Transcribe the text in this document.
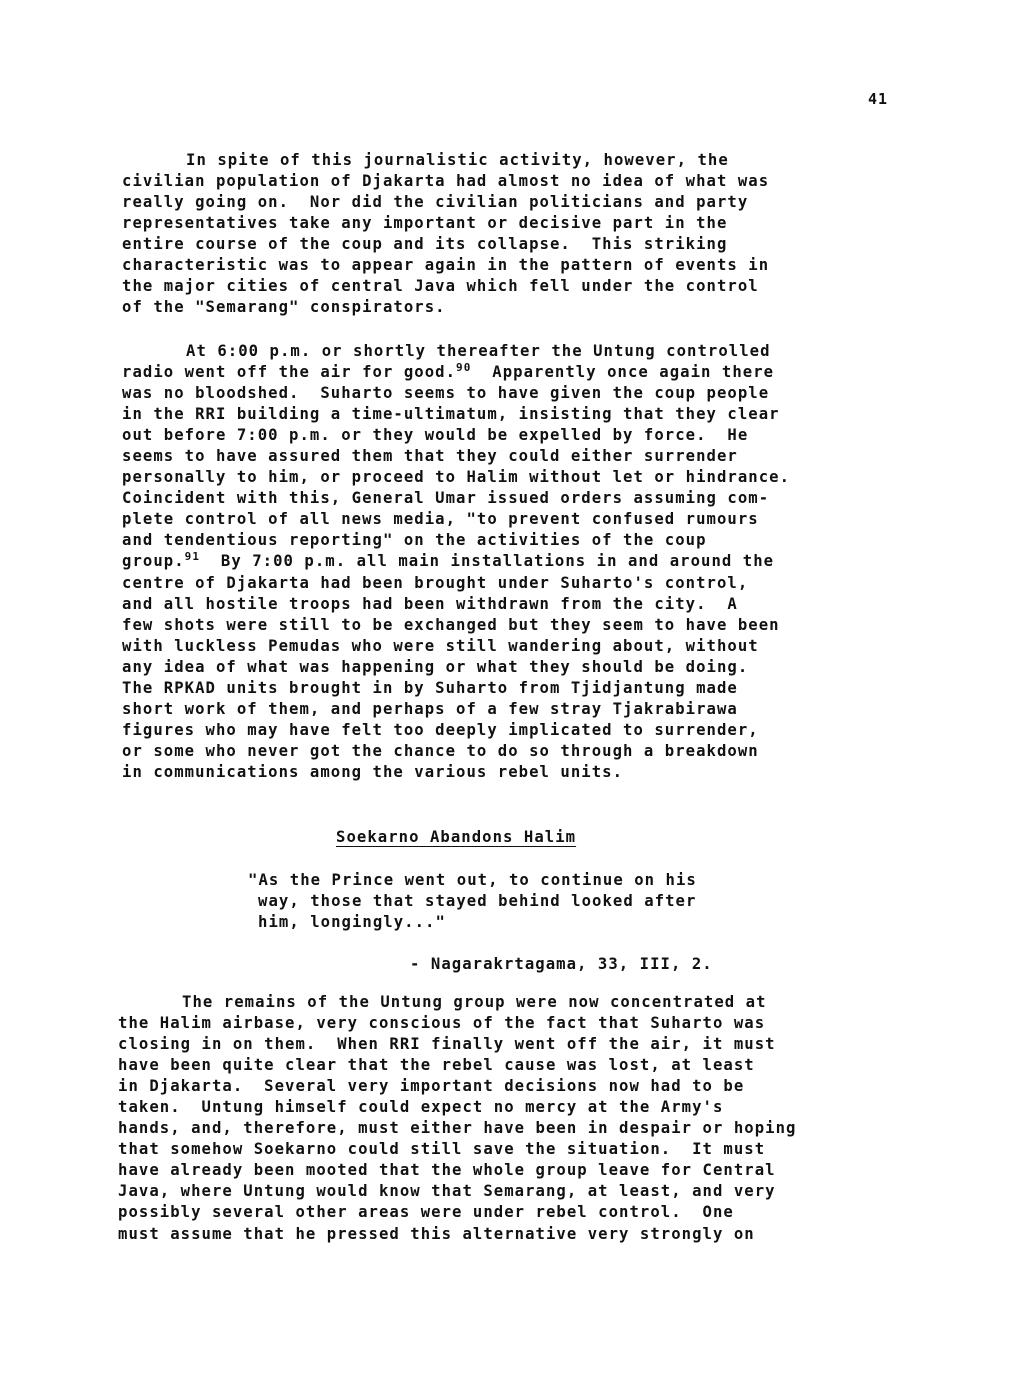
41
In spite of this journalistic activity, however, the
civilian population of Djakarta had almost no idea of what was
really going on.  Nor did the civilian politicians and party
representatives take any important or decisive part in the
entire course of the coup and its collapse.  This striking
characteristic was to appear again in the pattern of events in
the major cities of central Java which fell under the control
of the "Semarang" conspirators.
At 6:00 p.m. or shortly thereafter the Untung controlled
radio went off the air for good.$^{90}$  Apparently once again there
was no bloodshed.  Suharto seems to have given the coup people
in the RRI building a time-ultimatum, insisting that they clear
out before 7:00 p.m. or they would be expelled by force.  He
seems to have assured them that they could either surrender
personally to him, or proceed to Halim without let or hindrance.
Coincident with this, General Umar issued orders assuming com-
plete control of all news media, "to prevent confused rumours
and tendentious reporting" on the activities of the coup
group.$^{91}$  By 7:00 p.m. all main installations in and around the
centre of Djakarta had been brought under Suharto's control,
and all hostile troops had been withdrawn from the city.  A
few shots were still to be exchanged but they seem to have been
with luckless Pemudas who were still wandering about, without
any idea of what was happening or what they should be doing.
The RPKAD units brought in by Suharto from Tjidjantung made
short work of them, and perhaps of a few stray Tjakrabirawa
figures who may have felt too deeply implicated to surrender,
or some who never got the chance to do so through a breakdown
in communications among the various rebel units.
Soekarno Abandons Halim
"As the Prince went out, to continue on his
way, those that stayed behind looked after
him, longingly..."
- Nagarakrtagama, 33, III, 2.
The remains of the Untung group were now concentrated at
the Halim airbase, very conscious of the fact that Suharto was
closing in on them.  When RRI finally went off the air, it must
have been quite clear that the rebel cause was lost, at least
in Djakarta.  Several very important decisions now had to be
taken.  Untung himself could expect no mercy at the Army's
hands, and, therefore, must either have been in despair or hoping
that somehow Soekarno could still save the situation.  It must
have already been mooted that the whole group leave for Central
Java, where Untung would know that Semarang, at least, and very
possibly several other areas were under rebel control.  One
must assume that he pressed this alternative very strongly on
